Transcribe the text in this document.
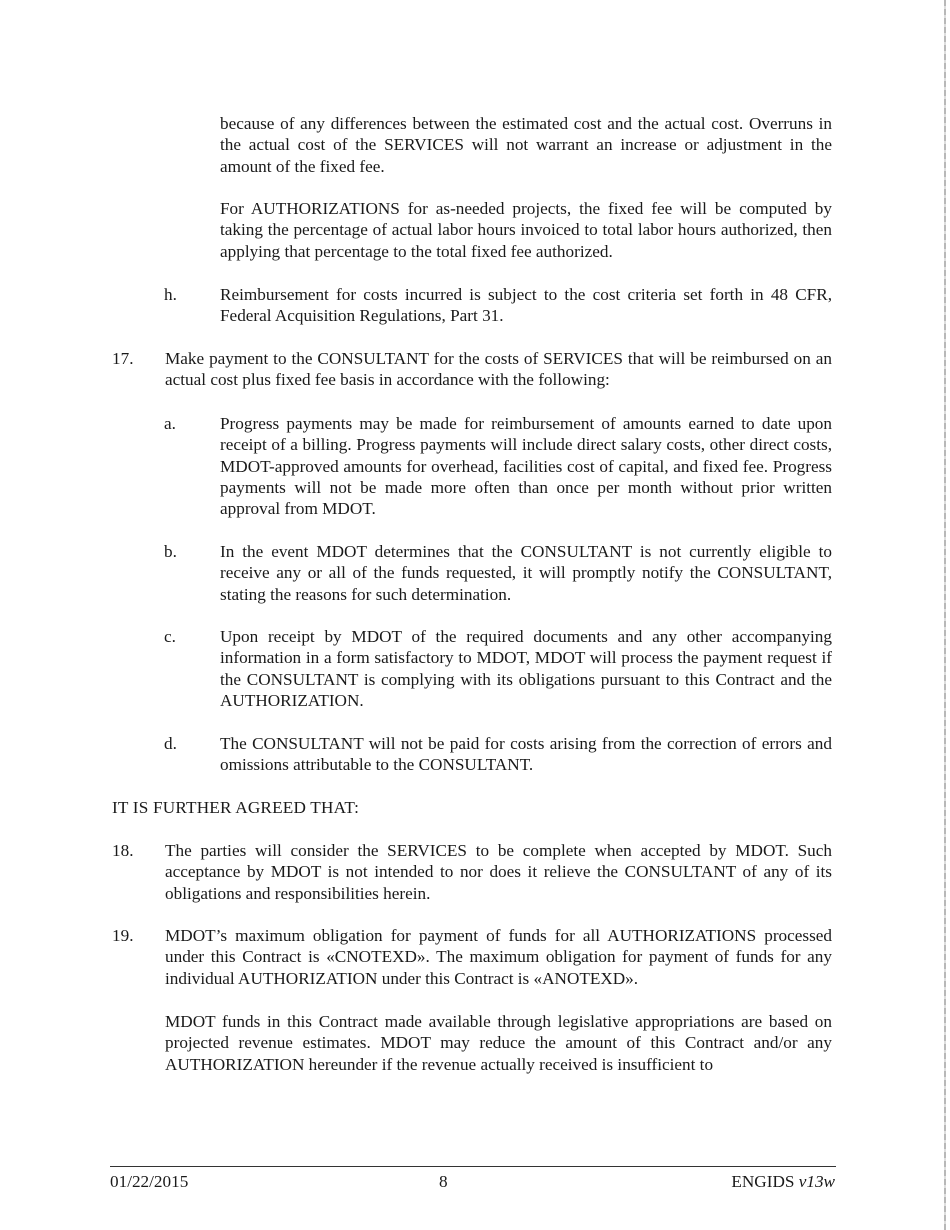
because of any differences between the estimated cost and the actual cost. Overruns in the actual cost of the SERVICES will not warrant an increase or adjustment in the amount of the fixed fee.

For AUTHORIZATIONS for as-needed projects, the fixed fee will be computed by taking the percentage of actual labor hours invoiced to total labor hours authorized, then applying that percentage to the total fixed fee authorized.

h.	Reimbursement for costs incurred is subject to the cost criteria set forth in 48 CFR, Federal Acquisition Regulations, Part 31.

17. Make payment to the CONSULTANT for the costs of SERVICES that will be reimbursed on an actual cost plus fixed fee basis in accordance with the following:

a.	Progress payments may be made for reimbursement of amounts earned to date upon receipt of a billing. Progress payments will include direct salary costs, other direct costs, MDOT-approved amounts for overhead, facilities cost of capital, and fixed fee. Progress payments will not be made more often than once per month without prior written approval from MDOT.

b.	In the event MDOT determines that the CONSULTANT is not currently eligible to receive any or all of the funds requested, it will promptly notify the CONSULTANT, stating the reasons for such determination.

c.	Upon receipt by MDOT of the required documents and any other accompanying information in a form satisfactory to MDOT, MDOT will process the payment request if the CONSULTANT is complying with its obligations pursuant to this Contract and the AUTHORIZATION.

d.	The CONSULTANT will not be paid for costs arising from the correction of errors and omissions attributable to the CONSULTANT.

IT IS FURTHER AGREED THAT:
18. The parties will consider the SERVICES to be complete when accepted by MDOT. Such acceptance by MDOT is not intended to nor does it relieve the CONSULTANT of any of its obligations and responsibilities herein.

19. MDOT’s maximum obligation for payment of funds for all AUTHORIZATIONS processed under this Contract is «CNOTEXD». The maximum obligation for payment of funds for any individual AUTHORIZATION under this Contract is «ANOTEXD».

MDOT funds in this Contract made available through legislative appropriations are based on projected revenue estimates. MDOT may reduce the amount of this Contract and/or any AUTHORIZATION hereunder if the revenue actually received is insufficient to

01/22/2015	8	ENGIDS v13w
